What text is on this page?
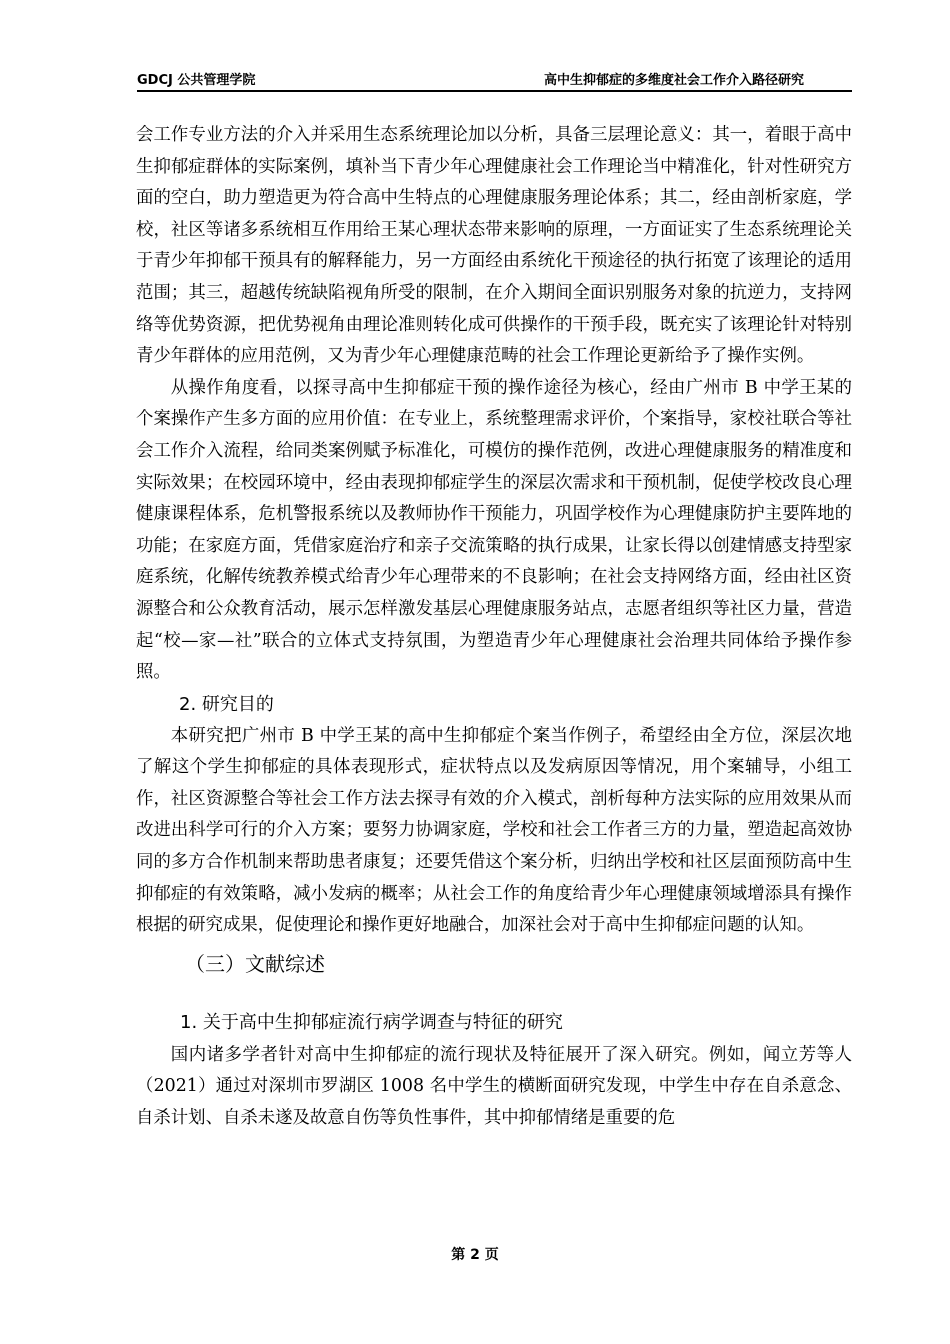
GDCJ 公共管理学院	高中生抑郁症的多维度社会工作介入路径研究

会工作专业方法的介入并采用生态系统理论加以分析，具备三层理论意义：其一，着眼于高中生抑郁症群体的实际案例，填补当下青少年心理健康社会工作理论当中精准化，针对性研究方面的空白，助力塑造更为符合高中生特点的心理健康服务理论体系；其二，经由剖析家庭，学校，社区等诸多系统相互作用给王某心理状态带来影响的原理，一方面证实了生态系统理论关于青少年抑郁干预具有的解释能力，另一方面经由系统化干预途径的执行拓宽了该理论的适用范围；其三，超越传统缺陷视角所受的限制，在介入期间全面识别服务对象的抗逆力，支持网络等优势资源，把优势视角由理论准则转化成可供操作的干预手段，既充实了该理论针对特别青少年群体的应用范例，又为青少年心理健康范畴的社会工作理论更新给予了操作实例。

从操作角度看，以探寻高中生抑郁症干预的操作途径为核心，经由广州市 B 中学王某的个案操作产生多方面的应用价值：在专业上，系统整理需求评价，个案指导，家校社联合等社会工作介入流程，给同类案例赋予标准化，可模仿的操作范例，改进心理健康服务的精准度和实际效果；在校园环境中，经由表现抑郁症学生的深层次需求和干预机制，促使学校改良心理健康课程体系，危机警报系统以及教师协作干预能力，巩固学校作为心理健康防护主要阵地的功能；在家庭方面，凭借家庭治疗和亲子交流策略的执行成果，让家长得以创建情感支持型家庭系统，化解传统教养模式给青少年心理带来的不良影响；在社会支持网络方面，经由社区资源整合和公众教育活动，展示怎样激发基层心理健康服务站点，志愿者组织等社区力量，营造起“校—家—社”联合的立体式支持氛围，为塑造青少年心理健康社会治理共同体给予操作参照。

2. 研究目的

本研究把广州市 B 中学王某的高中生抑郁症个案当作例子，希望经由全方位，深层次地了解这个学生抑郁症的具体表现形式，症状特点以及发病原因等情况，用个案辅导，小组工作，社区资源整合等社会工作方法去探寻有效的介入模式，剖析每种方法实际的应用效果从而改进出科学可行的介入方案；要努力协调家庭，学校和社会工作者三方的力量，塑造起高效协同的多方合作机制来帮助患者康复；还要凭借这个案分析，归纳出学校和社区层面预防高中生抑郁症的有效策略，减小发病的概率；从社会工作的角度给青少年心理健康领域增添具有操作根据的研究成果，促使理论和操作更好地融合，加深社会对于高中生抑郁症问题的认知。

（三）文献综述

1. 关于高中生抑郁症流行病学调查与特征的研究

国内诸多学者针对高中生抑郁症的流行现状及特征展开了深入研究。例如，闻立芳等人（2021）通过对深圳市罗湖区 1008 名中学生的横断面研究发现，中学生中存在自杀意念、自杀计划、自杀未遂及故意自伤等负性事件，其中抑郁情绪是重要的危

第 2 页
